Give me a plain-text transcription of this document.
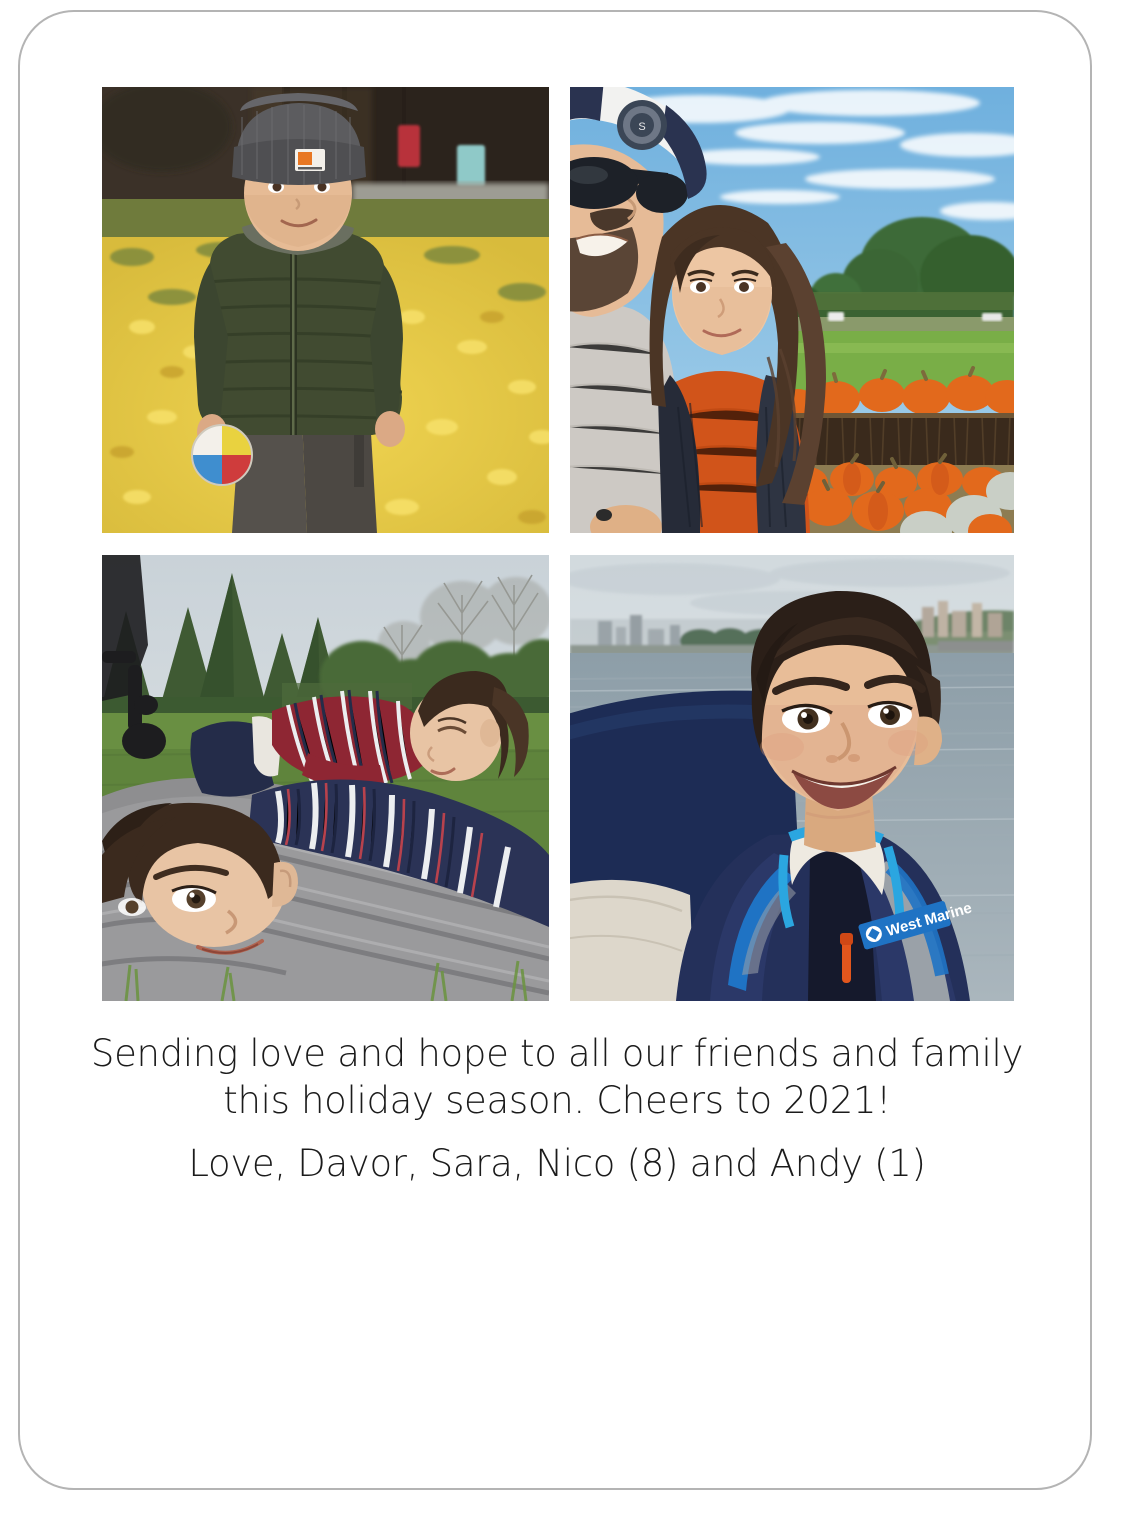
S
West Marine
Sending love and hope to all our friends and family this holiday season. Cheers to 2021!
Love, Davor, Sara, Nico (8) and Andy (1)
